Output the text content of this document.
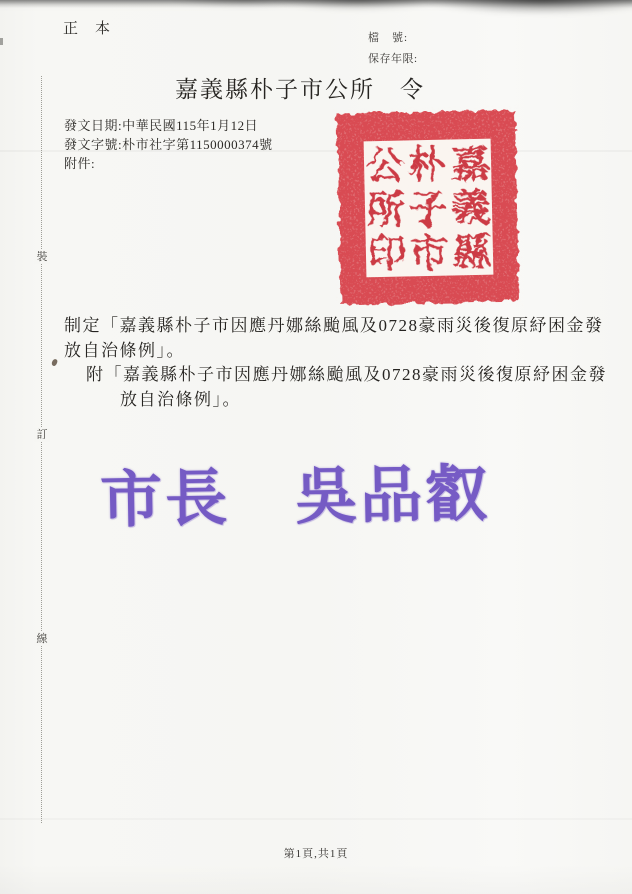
正　本
檔　號:
保存年限:
嘉義縣朴子市公所　令
發文日期:中華民國115年1月12日
發文字號:朴市社字第1150000374號
附件:	嘉
義
縣
朴
子
市
公
所
印
制定「嘉義縣朴子市因應丹娜絲颱風及0728豪雨災後復原紓困金發
放自治條例」。
附「嘉義縣朴子市因應丹娜絲颱風及0728豪雨災後復原紓困金發
放自治條例」。
市長　吳品叡
裝
訂
線
第1頁,共1頁
